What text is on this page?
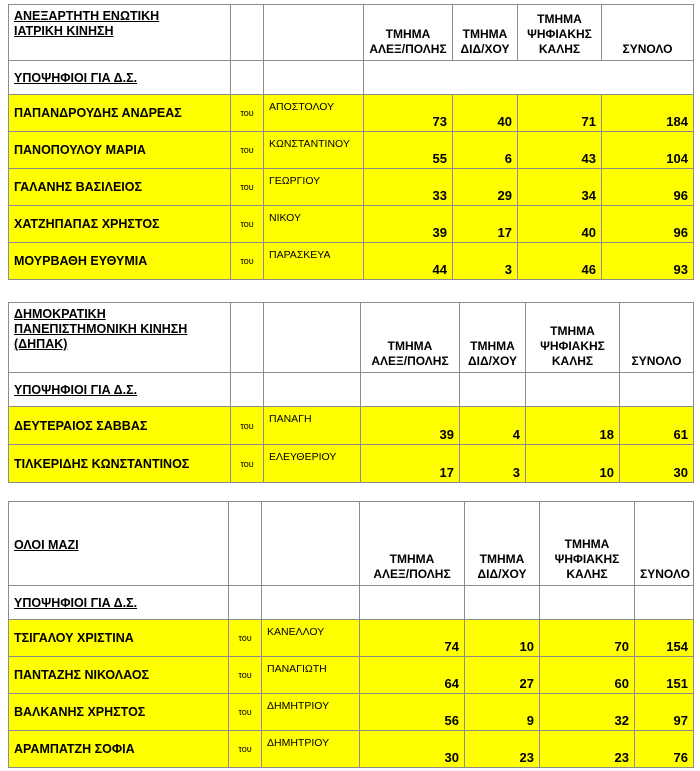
ΑΝΕΞΑΡΤΗΤΗ ΕΝΩΤΙΚΗ
ΙΑΤΡΙΚΗ ΚΙΝΗΣΗ			ΤΜΗΜΑ
ΑΛΕΞ/ΠΟΛΗΣ	ΤΜΗΜΑ
ΔΙΔ/ΧΟΥ	ΤΜΗΜΑ
ΨΗΦΙΑΚΗΣ
ΚΑΛΗΣ	ΣΥΝΟΛΟ
ΥΠΟΨΗΦΙΟΙ ΓΙΑ Δ.Σ.						
ΠΑΠΑΝΔΡΟΥΔΗΣ ΑΝΔΡΕΑΣ	του	ΑΠΟΣΤΟΛΟΥ	73	40	71	184
ΠΑΝΟΠΟΥΛΟΥ ΜΑΡΙΑ	του	ΚΩΝΣΤΑΝΤΙΝΟΥ	55	6	43	104
ΓΑΛΑΝΗΣ ΒΑΣΙΛΕΙΟΣ	του	ΓΕΩΡΓΙΟΥ	33	29	34	96
ΧΑΤΖΗΠΑΠΑΣ ΧΡΗΣΤΟΣ	του	ΝΙΚΟΥ	39	17	40	96
ΜΟΥΡΒΑΘΗ ΕΥΘΥΜΙΑ	του	ΠΑΡΑΣΚΕΥΑ	44	3	46	93
ΔΗΜΟΚΡΑΤΙΚΗ
ΠΑΝΕΠΙΣΤΗΜΟΝΙΚΗ ΚΙΝΗΣΗ
(ΔΗΠΑΚ)			ΤΜΗΜΑ
ΑΛΕΞ/ΠΟΛΗΣ	ΤΜΗΜΑ
ΔΙΔ/ΧΟΥ	ΤΜΗΜΑ
ΨΗΦΙΑΚΗΣ
ΚΑΛΗΣ	ΣΥΝΟΛΟ
ΥΠΟΨΗΦΙΟΙ ΓΙΑ Δ.Σ.						
ΔΕΥΤΕΡΑΙΟΣ ΣΑΒΒΑΣ	του	ΠΑΝΑΓΗ	39	4	18	61
ΤΙΛΚΕΡΙΔΗΣ ΚΩΝΣΤΑΝΤΙΝΟΣ	του	ΕΛΕΥΘΕΡΙΟΥ	17	3	10	30
ΟΛΟΙ ΜΑΖΙ			ΤΜΗΜΑ
ΑΛΕΞ/ΠΟΛΗΣ	ΤΜΗΜΑ
ΔΙΔ/ΧΟΥ	ΤΜΗΜΑ
ΨΗΦΙΑΚΗΣ
ΚΑΛΗΣ	ΣΥΝΟΛΟ
ΥΠΟΨΗΦΙΟΙ ΓΙΑ Δ.Σ.						
ΤΣΙΓΑΛΟΥ ΧΡΙΣΤΙΝΑ	του	ΚΑΝΕΛΛΟΥ	74	10	70	154
ΠΑΝΤΑΖΗΣ ΝΙΚΟΛΑΟΣ	του	ΠΑΝΑΓΙΩΤΗ	64	27	60	151
ΒΑΛΚΑΝΗΣ ΧΡΗΣΤΟΣ	του	ΔΗΜΗΤΡΙΟΥ	56	9	32	97
ΑΡΑΜΠΑΤΖΗ ΣΟΦΙΑ	του	ΔΗΜΗΤΡΙΟΥ	30	23	23	76
